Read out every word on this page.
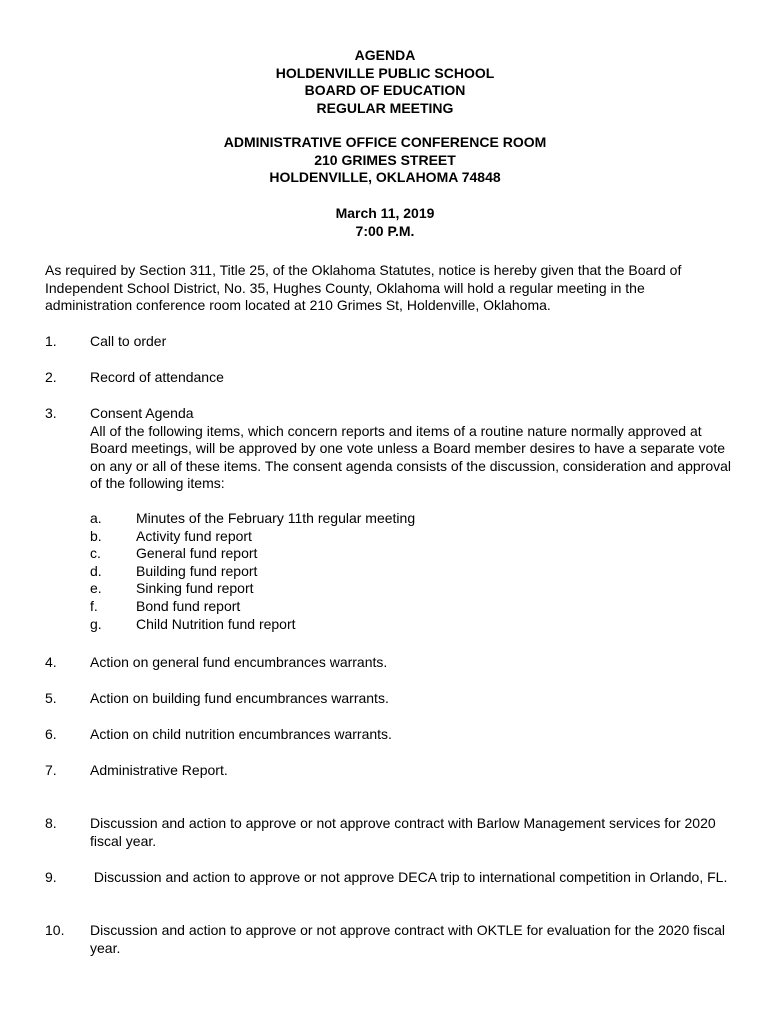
AGENDA

HOLDENVILLE PUBLIC SCHOOL

BOARD OF EDUCATION

REGULAR MEETING

ADMINISTRATIVE OFFICE CONFERENCE ROOM

210 GRIMES STREET

HOLDENVILLE, OKLAHOMA 74848

March 11, 2019

7:00 P.M.

As required by Section 311, Title 25, of the Oklahoma Statutes, notice is hereby given that the Board of Independent School District, No. 35, Hughes County, Oklahoma will hold a regular meeting in the administration conference room located at 210 Grimes St, Holdenville, Oklahoma.

1. Call to order
2. Record of attendance
3. Consent Agenda

All of the following items, which concern reports and items of a routine nature normally approved at Board meetings, will be approved by one vote unless a Board member desires to have a separate vote on any or all of these items. The consent agenda consists of the discussion, consideration and approval of the following items:

a. Minutes of the February 11th regular meeting
b. Activity fund report
c.	General fund report
d. Building fund report
e. Sinking fund report
f.	Bond fund report
g. Child Nutrition fund report
4. Action on general fund encumbrances warrants.
5. Action on building fund encumbrances warrants.
6. Action on child nutrition encumbrances warrants.
7. Administrative Report.
8. Discussion and action to approve or not approve contract with Barlow Management services for 2020 fiscal year.
9. Discussion and action to approve or not approve DECA trip to international competition in Orlando, FL.
10. Discussion and action to approve or not approve contract with OKTLE for evaluation for the 2020 fiscal year.
